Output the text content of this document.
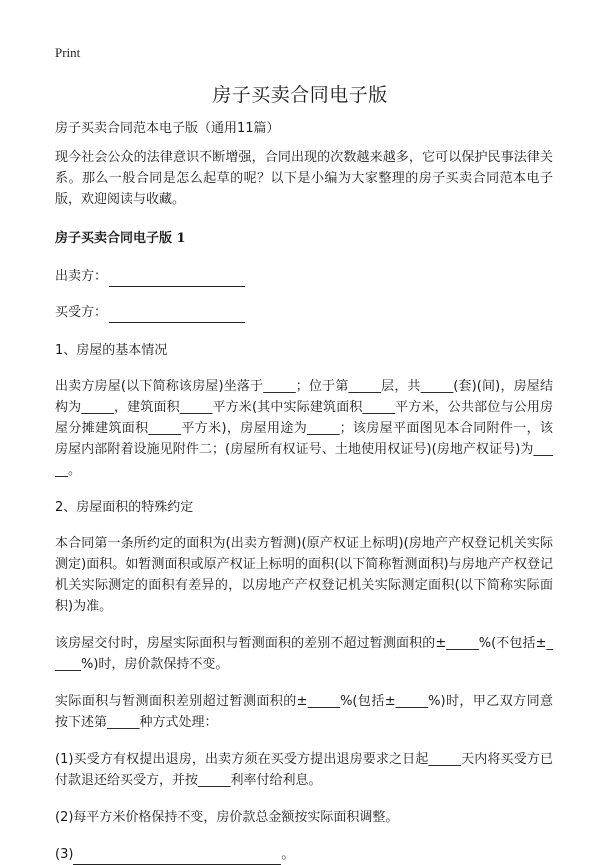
Print
房子买卖合同电子版

房子买卖合同范本电子版（通用11篇）

现今社会公众的法律意识不断增强，合同出现的次数越来越多，它可以保护民事法律关系。那么一般合同是怎么起草的呢？以下是小编为大家整理的房子买卖合同范本电子版，欢迎阅读与收藏。

房子买卖合同电子版 1
出卖方：
买受方：

1、房屋的基本情况

出卖方房屋(以下简称该房屋)坐落于_____；位于第_____层，共_____(套)(间)，房屋结构为_____，建筑面积_____平方米(其中实际建筑面积_____平方米，公共部位与公用房屋分摊建筑面积_____平方米)，房屋用途为_____；该房屋平面图见本合同附件一，该房屋内部附着设施见附件二；(房屋所有权证号、土地使用权证号)(房地产权证号)为_____。

2、房屋面积的特殊约定

本合同第一条所约定的面积为(出卖方暂测)(原产权证上标明)(房地产产权登记机关实际测定)面积。如暂测面积或原产权证上标明的面积(以下简称暂测面积)与房地产产权登记机关实际测定的面积有差异的，以房地产产权登记机关实际测定面积(以下简称实际面积)为准。

该房屋交付时，房屋实际面积与暂测面积的差别不超过暂测面积的±_____%(不包括±_____%)时，房价款保持不变。

实际面积与暂测面积差别超过暂测面积的±_____%(包括±_____%)时，甲乙双方同意按下述第_____种方式处理：

(1)买受方有权提出退房，出卖方须在买受方提出退房要求之日起_____天内将买受方已付款退还给买受方，并按_____利率付给利息。

(2)每平方米价格保持不变，房价款总金额按实际面积调整。

(3)	。
